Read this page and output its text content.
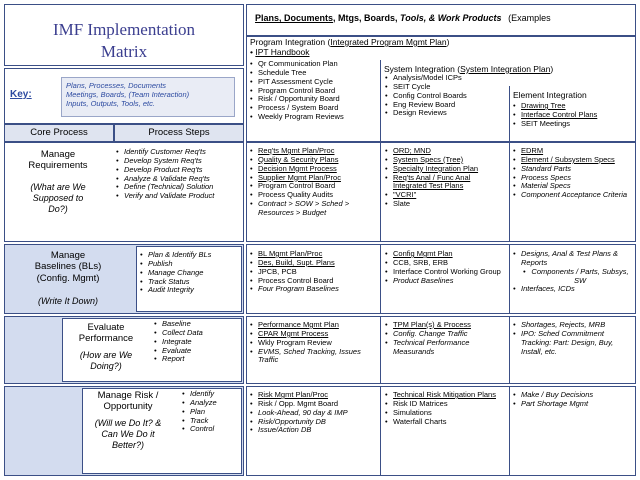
IMF Implementation
Matrix
Key:
Plans, Processes, Documents
Meetings, Boards, (Team Interaction)
Inputs, Outputs, Tools, etc.
Plans, Documents, Mtgs, Boards, Tools, & Work Products (Examples
Program Integration (Integrated Program Mgmt Plan)
• IPT Handbook
• Qr Communication Plan
• Schedule Tree
• PIT Assessment Cycle
• Program Control Board
• Risk / Opportunity Board
• Process / System Board
• Weekly Program Reviews
System Integration (System Integration Plan)
• Analysis/Model ICPs
• SEIT Cycle
• Config Control Boards
• Eng Review Board
• Design Reviews
Element Integration
• Drawing Tree
• Interface Control Plans
• SEIT Meetings
Core Process	Process Steps
Manage
Requirements
(What are We
Supposed to
Do?)
• Identify Customer Req'ts
• Develop System Req'ts
• Develop Product Req'ts
• Analyze & Validate Req'ts
• Define (Technical) Solution
• Verify and Validate Product
• Req'ts Mgmt Plan/Proc
• Quality & Security Plans
• Decision Mgmt Process
• Supplier Mgmt Plan/Proc
• Program Control Board
• Process Quality Audits
• Contract > SOW > Sched > Resources > Budget
• ORD; MND
• System Specs (Tree)
• Specialty Integration Plan
• Req'ts Anal / Func Anal Integrated Test Plans
• "VCRI"
• Slate
• EDRM
• Element / Subsystem Specs
• Standard Parts
• Process Specs
• Material Specs
• Component Acceptance Criteria
Manage
Baselines (BLs)
(Config. Mgmt)
(Write It Down)
• Plan & Identify BLs
• Publish
• Manage Change
• Track Status
• Audit Integrity
• BL Mgmt Plan/Proc
• Des, Build, Supt. Plans
• JPCB, PCB
• Process Control Board
• Four Program Baselines
• Config Mgmt Plan
• CCB, SRB, ERB
• Interface Control Working Group
• Product Baselines
• Designs, Anal & Test Plans & Reports
• Components / Parts, Subsys, SW
• Interfaces, ICDs
Evaluate
Performance
(How are We
Doing?)
• Baseline
• Collect Data
• Integrate
• Evaluate
• Report
• Performance Mgmt Plan
• CPAR Mgmt Process
• Wkly Program Review
• EVMS, Sched Tracking, Issues Traffic
• TPM Plan(s) & Process
• Config. Change Traffic
• Technical Performance Measurands
• Shortages, Rejects, MRB
• IPO: Sched Commitment Tracking: Part: Design, Buy, Install, etc.
Manage Risk /
Opportunity
(Will we Do It? &
Can We Do it
Better?)
• Identify
• Analyze
• Plan
• Track
• Control
• Risk Mgmt Plan/Proc
• Risk / Opp. Mgmt Board
• Look-Ahead, 90 day & IMP
• Risk/Opportunity DB
• Issue/Action DB
• Technical Risk Mitigation Plans
• Risk ID Matrices
• Simulations
• Waterfall Charts
• Make / Buy Decisions
• Part Shortage Mgmt
